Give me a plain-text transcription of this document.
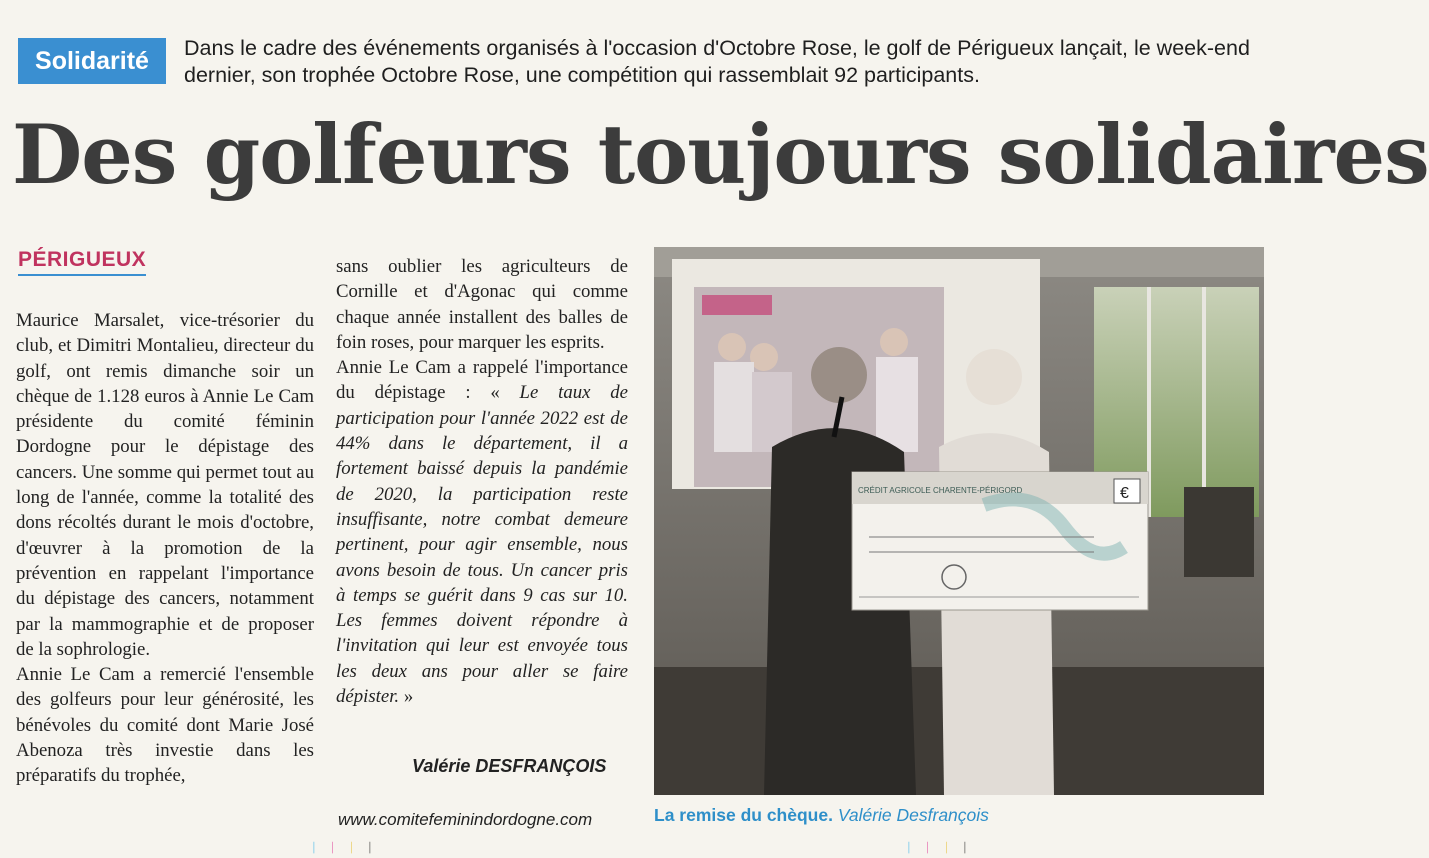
Solidarité	Dans le cadre des événements organisés à l'occasion d'Octobre Rose, le golf de Périgueux lançait, le week-end dernier, son trophée Octobre Rose, une compétition qui rassemblait 92 participants.
Des golfeurs toujours solidaires
PÉRIGUEUX

Maurice Marsalet, vice-trésorier du club, et Dimitri Montalieu, directeur du golf, ont remis dimanche soir un chèque de 1.128 euros à Annie Le Cam présidente du comité féminin Dordogne pour le dépistage des cancers. Une somme qui permet tout au long de l'année, comme la totalité des dons récoltés durant le mois d'octobre, d'œuvrer à la promotion de la prévention en rappelant l'importance du dépistage des cancers, notamment par la mammographie et de proposer de la sophrologie.

Annie Le Cam a remercié l'ensemble des golfeurs pour leur générosité, les bénévoles du comité dont Marie José Abenoza très investie dans les préparatifs du trophée,

sans oublier les agriculteurs de Cornille et d'Agonac qui comme chaque année installent des balles de foin roses, pour marquer les esprits.

Annie Le Cam a rappelé l'importance du dépistage : « Le taux de participation pour l'année 2022 est de 44% dans le département, il a fortement baissé depuis la pandémie de 2020, la participation reste insuffisante, notre combat demeure pertinent, pour agir ensemble, nous avons besoin de tous. Un cancer pris à temps se guérit dans 9 cas sur 10. Les femmes doivent répondre à l'invitation qui leur est envoyée tous les deux ans pour aller se faire dépister. »

Valérie DESFRANÇOIS
www.comitefeminindordogne.com
CRÉDIT AGRICOLE CHARENTE-PÉRIGORD	€
La remise du chèque. Valérie Desfrançois
ᛁ ᛁ ᛁ ᛁ	ᛁ ᛁ ᛁ ᛁ
